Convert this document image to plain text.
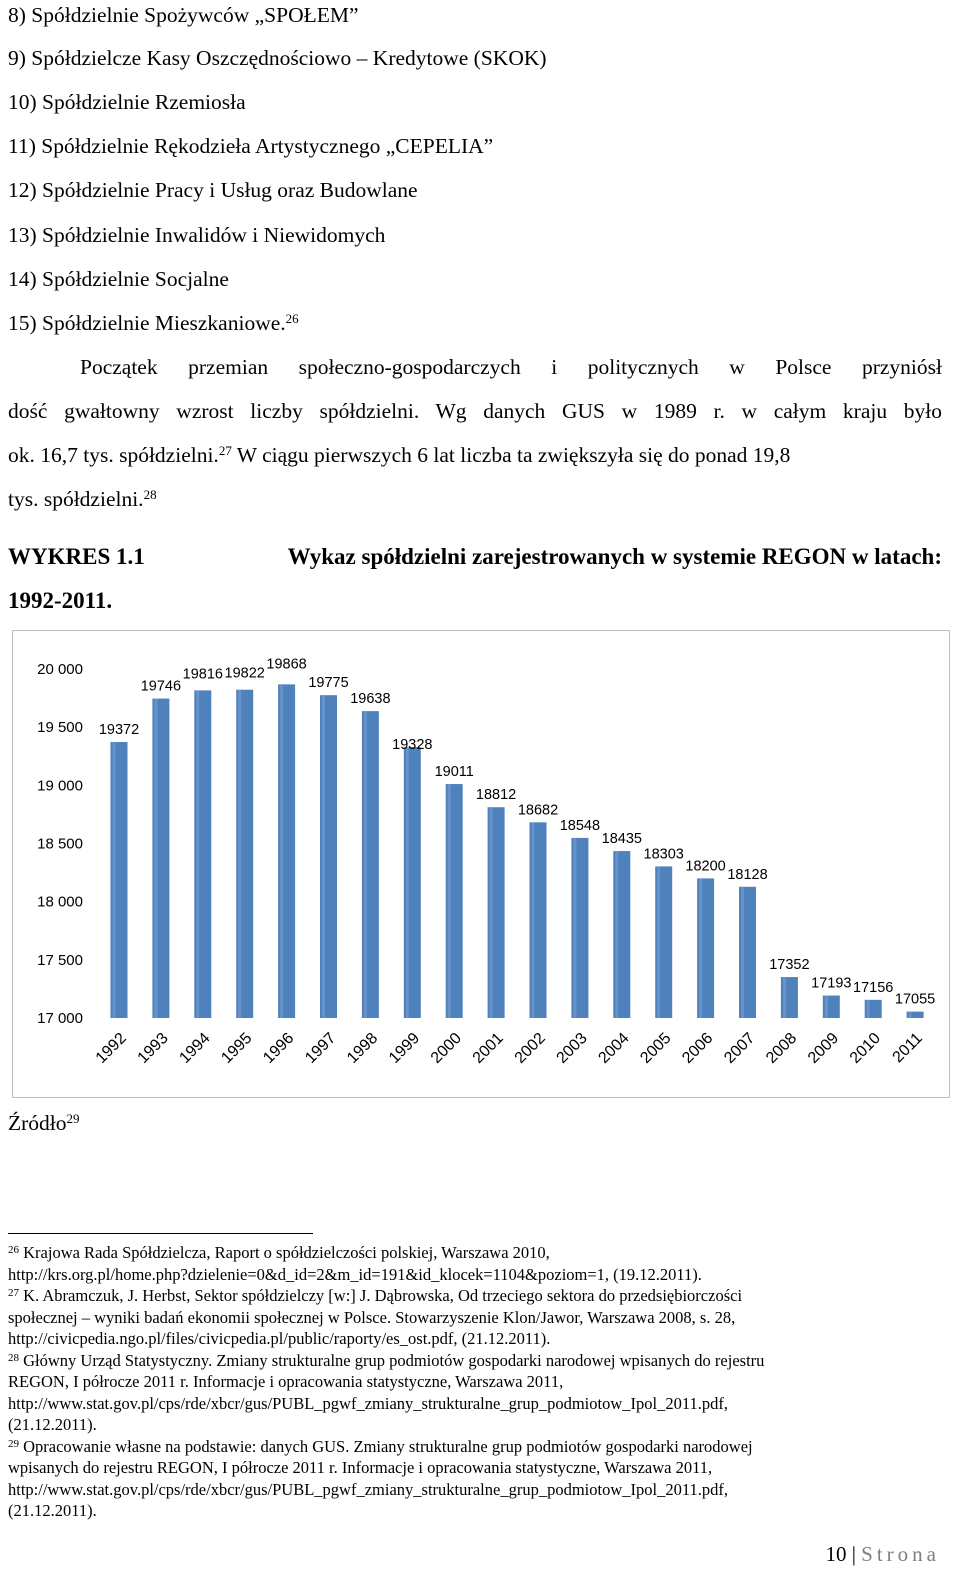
8) Spółdzielnie Spożywców „SPOŁEM”
9) Spółdzielcze Kasy Oszczędnościowo – Kredytowe (SKOK)
10) Spółdzielnie Rzemiosła
11) Spółdzielnie Rękodzieła Artystycznego „CEPELIA”
12) Spółdzielnie Pracy i Usług oraz Budowlane
13) Spółdzielnie Inwalidów i Niewidomych
14) Spółdzielnie Socjalne
15) Spółdzielnie Mieszkaniowe.$^{26}$
Początek przemian społeczno-gospodarczych i politycznych w Polsce przyniósł
dość gwałtowny wzrost liczby spółdzielni. Wg danych GUS w 1989 r. w całym kraju było
ok. 16,7 tys. spółdzielni.$^{27}$ W ciągu pierwszych 6 lat liczba ta zwiększyła się do ponad 19,8
tys. spółdzielni.$^{28}$
WYKRES 1.1	Wykaz spółdzielni zarejestrowanych w systemie REGON w latach:
1992-2011.
20 000
19 500
19 000
18 500
18 000
17 500
17 000
19372
1992
19746
1993
19816
1994
19822
1995
19868
1996
19775
1997
19638
1998
19328
1999
19011
2000
18812
2001
18682
2002
18548
2003
18435
2004
18303
2005
18200
2006
18128
2007
17352
2008
17193
2009
17156
2010
17055
2011
Źródło$^{29}$
$^{26}$ Krajowa Rada Spółdzielcza, Raport o spółdzielczości polskiej, Warszawa 2010,
http://krs.org.pl/home.php?dzielenie=0&d_id=2&m_id=191&id_klocek=1104&poziom=1, (19.12.2011).
$^{27}$ K. Abramczuk, J. Herbst, Sektor spółdzielczy [w:] J. Dąbrowska, Od trzeciego sektora do przedsiębiorczości
społecznej – wyniki badań ekonomii społecznej w Polsce. Stowarzyszenie Klon/Jawor, Warszawa 2008, s. 28,
http://civicpedia.ngo.pl/files/civicpedia.pl/public/raporty/es_ost.pdf, (21.12.2011).
$^{28}$ Główny Urząd Statystyczny. Zmiany strukturalne grup podmiotów gospodarki narodowej wpisanych do rejestru
REGON, I półrocze 2011 r. Informacje i opracowania statystyczne, Warszawa 2011,
http://www.stat.gov.pl/cps/rde/xbcr/gus/PUBL_pgwf_zmiany_strukturalne_grup_podmiotow_Ipol_2011.pdf,
(21.12.2011).
$^{29}$ Opracowanie własne na podstawie: danych GUS. Zmiany strukturalne grup podmiotów gospodarki narodowej
wpisanych do rejestru REGON, I półrocze 2011 r. Informacje i opracowania statystyczne, Warszawa 2011,
http://www.stat.gov.pl/cps/rde/xbcr/gus/PUBL_pgwf_zmiany_strukturalne_grup_podmiotow_Ipol_2011.pdf,
(21.12.2011).
10 | Strona
